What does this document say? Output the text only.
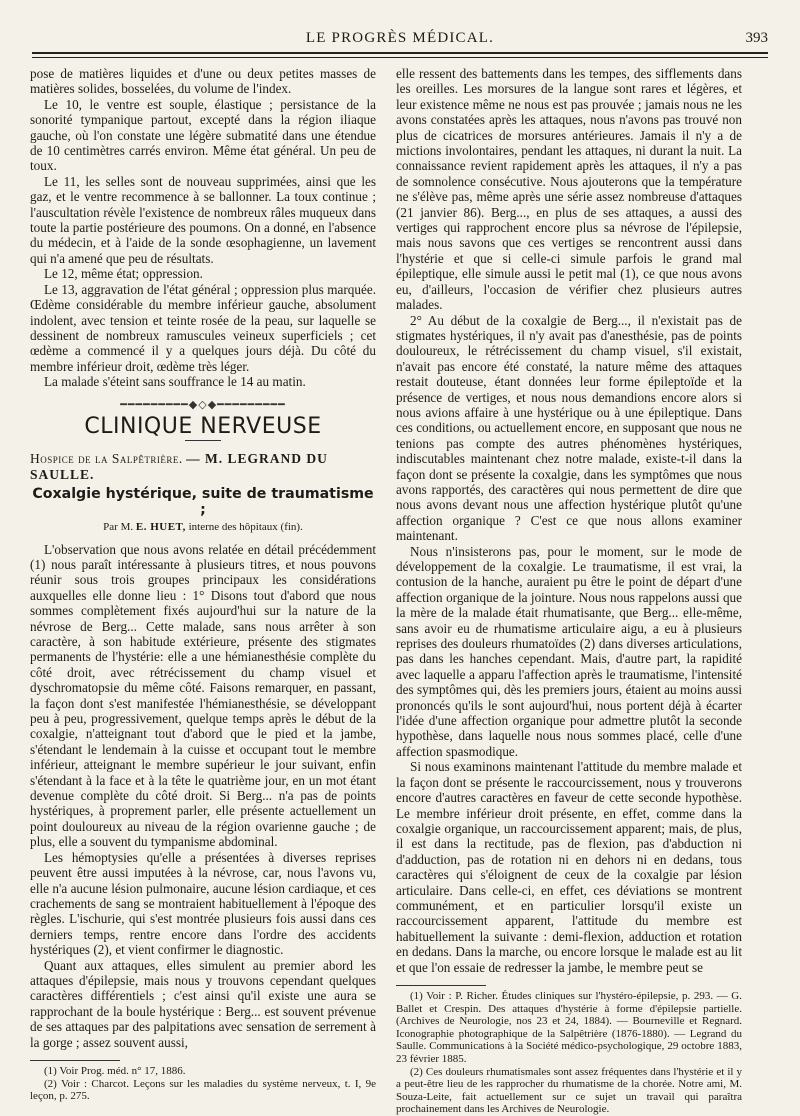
LE PROGRÈS MÉDICAL.	393

pose de matières liquides et d'une ou deux petites masses de matières solides, bosselées, du volume de l'index.

Le 10, le ventre est souple, élastique ; persistance de la sonorité tympanique partout, excepté dans la région iliaque gauche, où l'on constate une légère submatité dans une étendue de 10 centimètres carrés environ. Même état général. Un peu de toux.

Le 11, les selles sont de nouveau supprimées, ainsi que les gaz, et le ventre recommence à se ballonner. La toux continue ; l'auscultation révèle l'existence de nombreux râles muqueux dans toute la partie postérieure des poumons. On a donné, en l'absence du médecin, et à l'aide de la sonde œsophagienne, un lavement qui n'a amené que peu de résultats.

Le 12, même état; oppression.

Le 13, aggravation de l'état général ; oppression plus marquée. Œdème considérable du membre inférieur gauche, absolument indolent, avec tension et teinte rosée de la peau, sur laquelle se dessinent de nombreux ramuscules veineux superficiels ; cet œdème a commencé il y a quelques jours déjà. Du côté du membre inférieur droit, œdème très léger.

La malade s'éteint sans souffrance le 14 au matin.

━━━━━━━━━◆◇◆━━━━━━━━━
CLINIQUE NERVEUSE
Hospice de la Salpêtrière. — M. LEGRAND DU SAULLE.
Coxalgie hystérique, suite de traumatisme ;
Par M. E. HUET, interne des hôpitaux (fin).

L'observation que nous avons relatée en détail précédemment (1) nous paraît intéressante à plusieurs titres, et nous pouvons réunir sous trois groupes principaux les considérations auxquelles elle donne lieu : 1° Disons tout d'abord que nous sommes complètement fixés aujourd'hui sur la nature de la névrose de Berg... Cette malade, sans nous arrêter à son caractère, à son habitude extérieure, présente des stigmates permanents de l'hystérie: elle a une hémianesthésie complète du côté droit, avec rétrécissement du champ visuel et dyschromatopsie du même côté. Faisons remarquer, en passant, la façon dont s'est manifestée l'hémianesthésie, se développant peu à peu, progressivement, quelque temps après le début de la coxalgie, n'atteignant tout d'abord que le pied et la jambe, s'étendant le lendemain à la cuisse et occupant tout le membre inférieur, atteignant le membre supérieur le jour suivant, enfin s'étendant à la face et à la tête le quatrième jour, en un mot étant devenue complète du côté droit. Si Berg... n'a pas de points hystériques, à proprement parler, elle présente actuellement un point douloureux au niveau de la région ovarienne gauche ; de plus, elle a souvent du tympanisme abdominal.

Les hémoptysies qu'elle a présentées à diverses reprises peuvent être aussi imputées à la névrose, car, nous l'avons vu, elle n'a aucune lésion pulmonaire, aucune lésion cardiaque, et ces crachements de sang se montraient habituellement à l'époque des règles. L'ischurie, qui s'est montrée plusieurs fois aussi dans ces derniers temps, rentre encore dans l'ordre des accidents hystériques (2), et vient confirmer le diagnostic.

Quant aux attaques, elles simulent au premier abord les attaques d'épilepsie, mais nous y trouvons cependant quelques caractères différentiels ; c'est ainsi qu'il existe une aura se rapprochant de la boule hystérique : Berg... est souvent prévenue de ses attaques par des palpitations avec sensation de serrement à la gorge ; assez souvent aussi,

(1) Voir Prog. méd. n° 17, 1886.

(2) Voir : Charcot. Leçons sur les maladies du système nerveux, t. I, 9e leçon, p. 275.

elle ressent des battements dans les tempes, des sifflements dans les oreilles. Les morsures de la langue sont rares et légères, et leur existence même ne nous est pas prouvée ; jamais nous ne les avons constatées après les attaques, nous n'avons pas trouvé non plus de cicatrices de morsures antérieures. Jamais il n'y a de mictions involontaires, pendant les attaques, ni durant la nuit. La connaissance revient rapidement après les attaques, il n'y a pas de somnolence consécutive. Nous ajouterons que la température ne s'élève pas, même après une série assez nombreuse d'attaques (21 janvier 86). Berg..., en plus de ses attaques, a aussi des vertiges qui rapprochent encore plus sa névrose de l'épilepsie, mais nous savons que ces vertiges se rencontrent aussi dans l'hystérie et que si celle-ci simule parfois le grand mal épileptique, elle simule aussi le petit mal (1), ce que nous avons eu, d'ailleurs, l'occasion de vérifier chez plusieurs autres malades.

2° Au début de la coxalgie de Berg..., il n'existait pas de stigmates hystériques, il n'y avait pas d'anesthésie, pas de points douloureux, le rétrécissement du champ visuel, s'il existait, n'avait pas encore été constaté, la nature même des attaques restait douteuse, étant données leur forme épileptoïde et la présence de vertiges, et nous nous demandions encore alors si nous avions affaire à une hystérique ou à une épileptique. Dans ces conditions, ou actuellement encore, en supposant que nous ne tenions pas compte des autres phénomènes hystériques, indiscutables maintenant chez notre malade, existe-t-il dans la façon dont se présente la coxalgie, dans les symptômes que nous avons rapportés, des caractères qui nous permettent de dire que nous avons devant nous une affection hystérique plutôt qu'une affection organique ? C'est ce que nous allons examiner maintenant.

Nous n'insisterons pas, pour le moment, sur le mode de développement de la coxalgie. Le traumatisme, il est vrai, la contusion de la hanche, auraient pu être le point de départ d'une affection organique de la jointure. Nous nous rappelons aussi que la mère de la malade était rhumatisante, que Berg... elle-même, sans avoir eu de rhumatisme articulaire aigu, a eu à plusieurs reprises des douleurs rhumatoïdes (2) dans diverses articulations, pas dans les hanches cependant. Mais, d'autre part, la rapidité avec laquelle a apparu l'affection après le traumatisme, l'intensité des symptômes qui, dès les premiers jours, étaient au moins aussi prononcés qu'ils le sont aujourd'hui, nous portent déjà à écarter l'idée d'une affection organique pour admettre plutôt la seconde hypothèse, dans laquelle nous nous sommes placé, celle d'une affection spasmodique.

Si nous examinons maintenant l'attitude du membre malade et la façon dont se présente le raccourcissement, nous y trouverons encore d'autres caractères en faveur de cette seconde hypothèse. Le membre inférieur droit présente, en effet, comme dans la coxalgie organique, un raccourcissement apparent; mais, de plus, il est dans la rectitude, pas de flexion, pas d'abduction ni d'adduction, pas de rotation ni en dehors ni en dedans, tous caractères qui s'éloignent de ceux de la coxalgie par lésion articulaire. Dans celle-ci, en effet, ces déviations se montrent communément, et en particulier lorsqu'il existe un raccourcissement apparent, l'attitude du membre est habituellement la suivante : demi-flexion, adduction et rotation en dedans. Dans la marche, ou encore lorsque le malade est au lit et que l'on essaie de redresser la jambe, le membre peut se

(1) Voir : P. Richer. Études cliniques sur l'hystéro-épilepsie, p. 293. — G. Ballet et Crespin. Des attaques d'hystérie à forme d'épilepsie partielle. (Archives de Neurologie, nos 23 et 24, 1884). — Bourneville et Regnard. Iconographie photographique de la Salpêtrière (1876-1880). — Legrand du Saulle. Communications à la Société médico-psychologique, 29 octobre 1883, 23 février 1885.

(2) Ces douleurs rhumatismales sont assez fréquentes dans l'hystérie et il y a peut-être lieu de les rapprocher du rhumatisme de la chorée. Notre ami, M. Souza-Leite, fait actuellement sur ce sujet un travail qui paraîtra prochainement dans les Archives de Neurologie.
